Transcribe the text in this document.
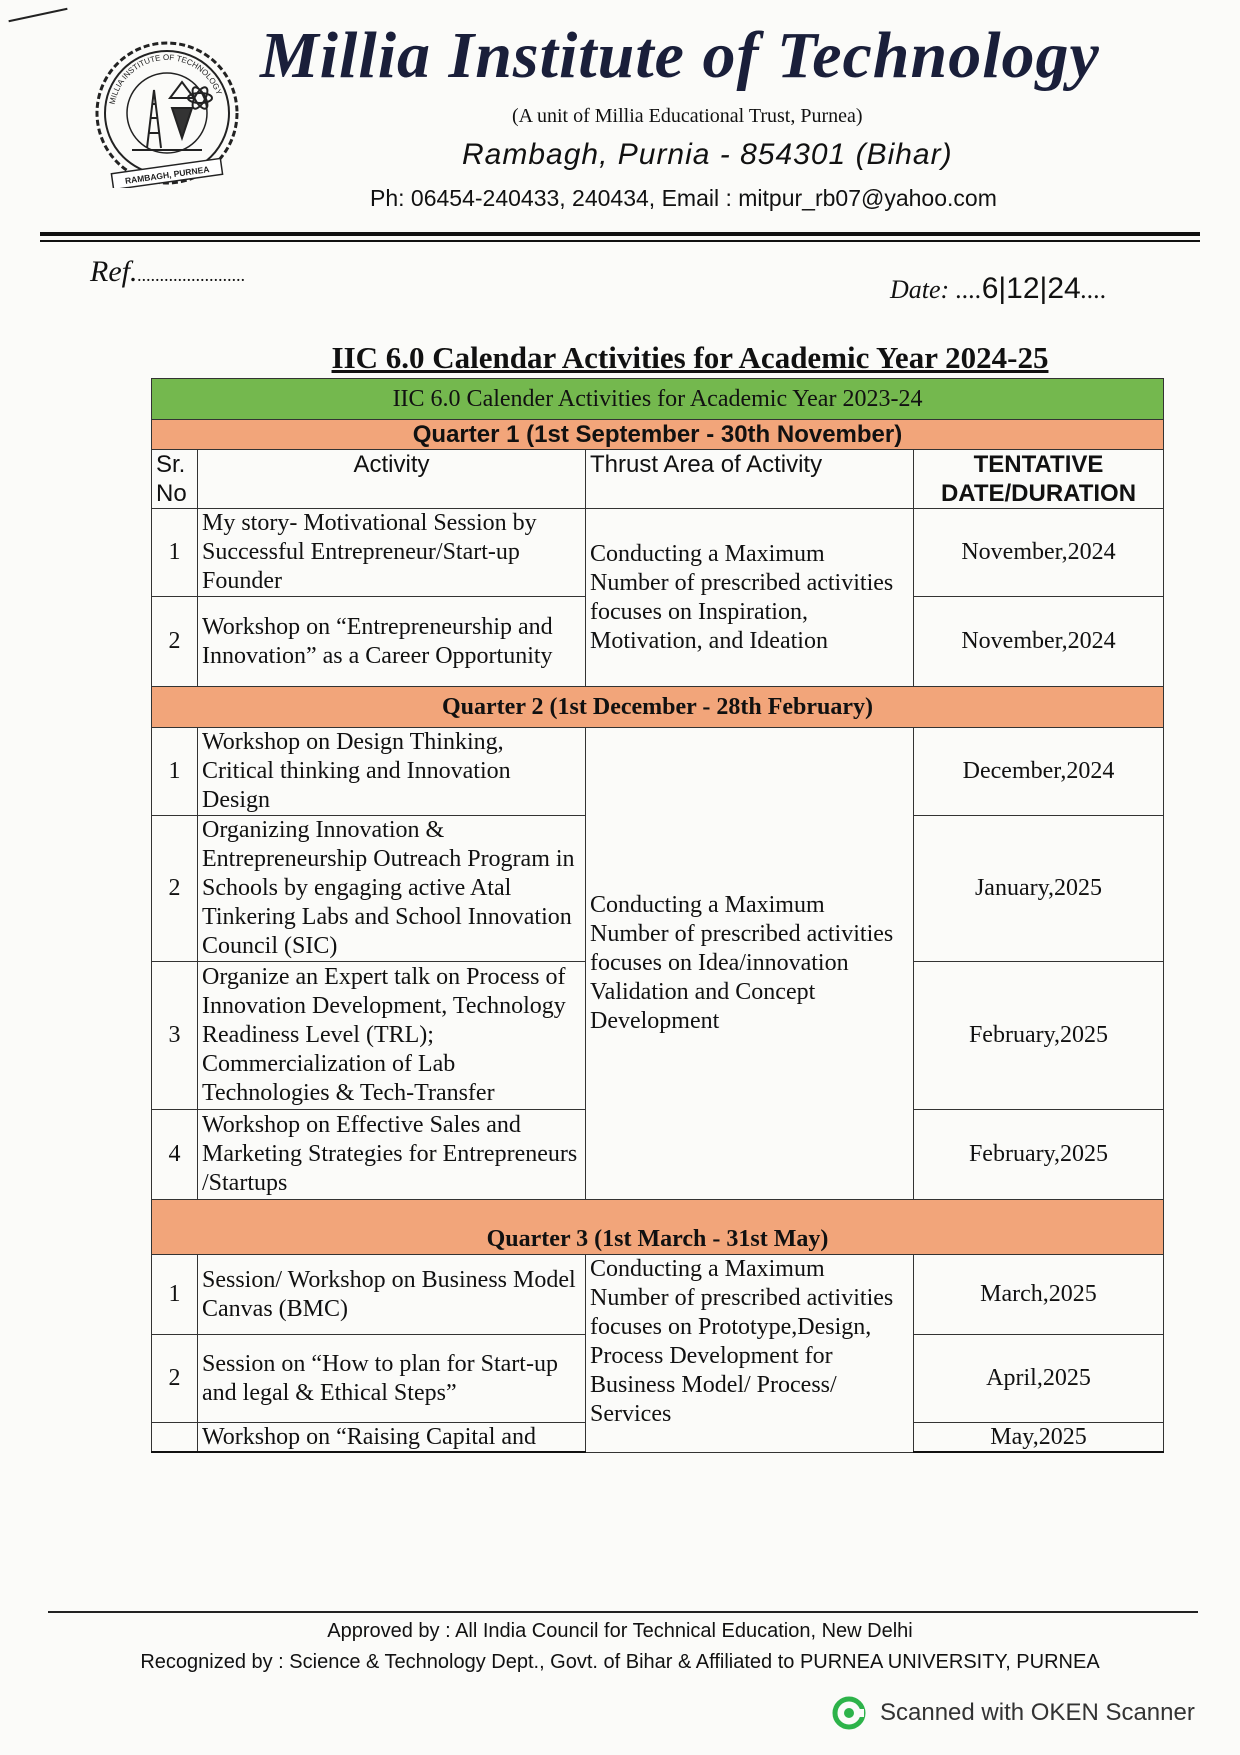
MILLIA INSTITUTE OF TECHNOLOGY
RAMBAGH, PURNEA
Millia Institute of Technology
(A unit of Millia Educational Trust, Purnea)
Rambagh, Purnia - 854301 (Bihar)
Ph: 06454-240433, 240434, Email : mitpur_rb07@yahoo.com
Ref.........................	Date: ....6|12|24....
IIC 6.0 Calendar Activities for Academic Year 2024-25
IIC 6.0 Calender Activities for Academic Year 2023-24			
Quarter 1 (1st September - 30th November)			
Sr. No	Activity	Thrust Area of Activity	TENTATIVE DATE/DURATION
1	My story- Motivational Session by Successful Entrepreneur/Start-up Founder	Conducting a Maximum Number of prescribed activities focuses on Inspiration, Motivation, and Ideation	November,2024
2	Workshop on “Entrepreneurship and Innovation” as a Career Opportunity		November,2024
Quarter 2 (1st December - 28th February)			
1	Workshop on Design Thinking, Critical thinking and Innovation Design	Conducting a Maximum Number of prescribed activities focuses on Idea/innovation Validation and Concept Development	December,2024
2	Organizing Innovation & Entrepreneurship Outreach Program in Schools by engaging active Atal Tinkering Labs and School Innovation Council (SIC)		January,2025
3	Organize an Expert talk on Process of Innovation Development, Technology Readiness Level (TRL); Commercialization of Lab Technologies & Tech-Transfer		February,2025
4	Workshop on Effective Sales and Marketing Strategies for Entrepreneurs /Startups		February,2025
Quarter 3 (1st March - 31st May)			
1	Session/ Workshop on Business Model Canvas (BMC)	Conducting a Maximum Number of prescribed activities focuses on Prototype,Design, Process Development for Business Model/ Process/ Services	March,2025
2	Session on “How to plan for Start-up and legal & Ethical Steps”		April,2025
	Workshop on “Raising Capital and		May,2025
Approved by : All India Council for Technical Education, New Delhi
Recognized by : Science & Technology Dept., Govt. of Bihar & Affiliated to PURNEA UNIVERSITY, PURNEA
Scanned with OKEN Scanner
